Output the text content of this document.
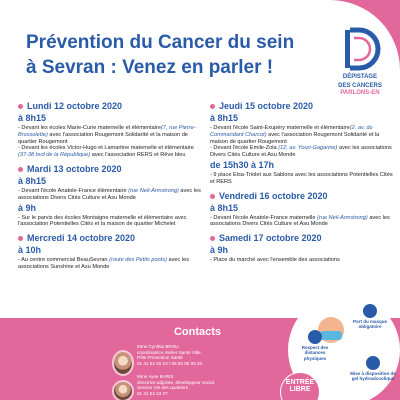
Prévention du Cancer du sein
à Sevran : Venez en parler !	DÉPISTAGE
DES CANCERS
PARLONS-EN
Lundi 12 octobre 2020
à 8h15
- Devant les écoles Marie-Curie maternelle et élémentaire(7, rue Pierre-Brossolette) avec l'association Rougemont Solidarité et la maison de quartier Rougemont
- Devant les écoles Victor-Hugo et Lamartine maternelle et élémentaire (37-38 bvd de la République) avec l'association RERS et Rêve bleu
Mardi 13 octobre 2020
à 8h15
- Devant l'école Anatole-France élémentaire (rue Neil-Armstrong) avec les associations Divers Cités Culture et Asu Monde
à 9h
- Sur le parvis des écoles Montaigne maternelle et élémentaire avec l'association Potentielles Cités et la maison de quartier Michelet
Mercredi 14 octobre 2020
à 10h
- Au centre commercial BeauSevran (route des Petits ponts) avec les associations Sunshine et Asu Monde
Jeudi 15 octobre 2020
à 8h15
- Devant l'école Saint-Exupéry maternelle et élémentaire(2, av. du Commandant Charcot) avec l'association Rougemont Solidarité et la maison de quartier Rougemont
- Devant l'école Emile-Zola (12, av. Youri-Gagarine) avec les associations Divers Cités Culture et Asu Monde
de 15h30 à 17h
- 9 place Elsa-Triolet aux Sablons avec les associations Potentielles Cités et RERS
Vendredi 16 octobre 2020
à 8h15
- Devant l'école Anatole-France maternelle (rue Neil-Armstrong) avec les associations Divers Cités Culture et Asu Monde
Samedi 17 octobre 2020
à 9h
- Place du marché avec l'ensemble des associations
Contacts
Mme Cynthia BROU
coordinatrice Atelier Santé Ville,
Pôle Prévention Santé
01 41 52 46 23 / 06 83 96 08 33
Mme Ayse BARIS
directrice adjointe, développeur social,
Service Vie des quartiers
01 41 52 43 27
Port du masque obligatoire
Respect des distances physiques
Mise à disposition de gel hydroalcoolique
ENTRÉE
LIBRE
